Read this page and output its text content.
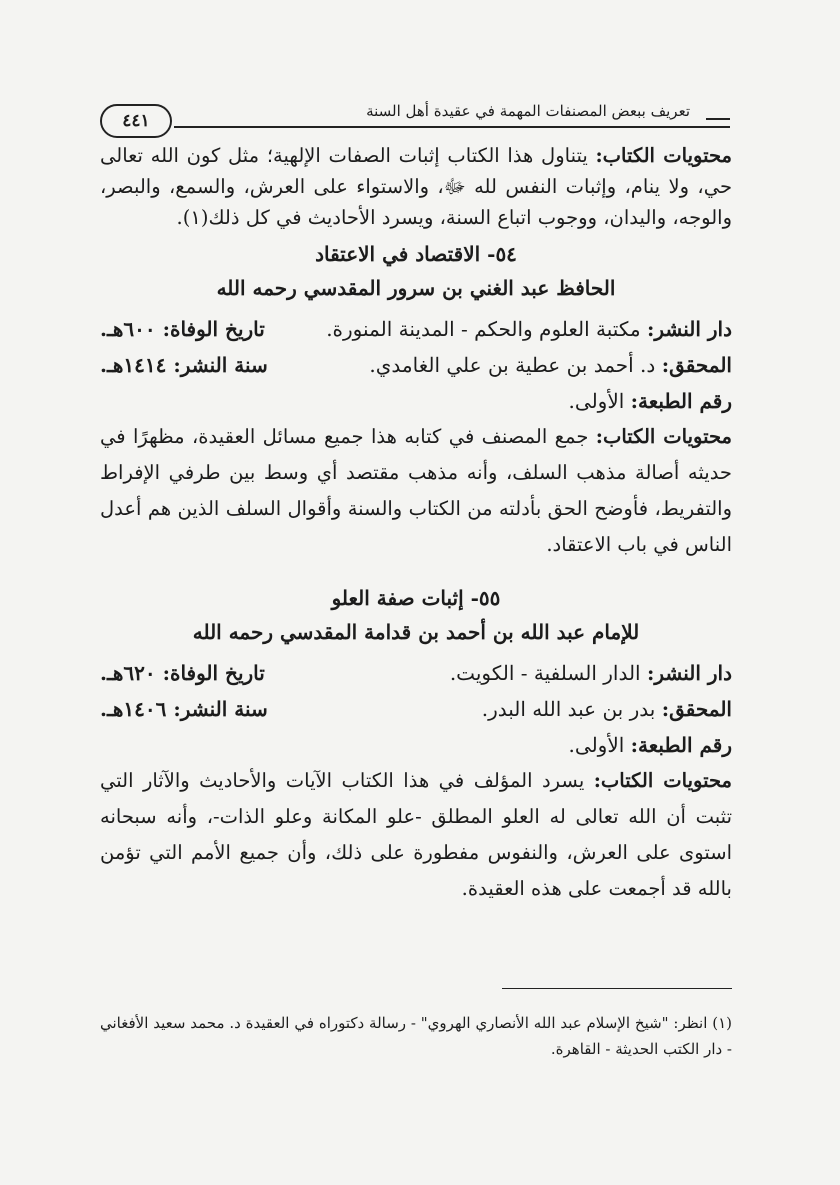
تعريف ببعض المصنفات المهمة في عقيدة أهل السنة
٤٤١

محتويات الكتاب: يتناول هذا الكتاب إثبات الصفات الإلهية؛ مثل كون الله تعالى حي، ولا ينام، وإثبات النفس لله ﷻ، والاستواء على العرش، والسمع، والبصر، والوجه، واليدان، ووجوب اتباع السنة، ويسرد الأحاديث في كل ذلك(١).

٥٤- الاقتصاد في الاعتقاد

الحافظ عبد الغني بن سرور المقدسي رحمه الله

دار النشر: مكتبة العلوم والحكم - المدينة المنورة.
تاريخ الوفاة: ٦٠٠هـ.
المحقق: د. أحمد بن عطية بن علي الغامدي.
سنة النشر: ١٤١٤هـ.
رقم الطبعة: الأولى.

محتويات الكتاب: جمع المصنف في كتابه هذا جميع مسائل العقيدة، مظهرًا في حديثه أصالة مذهب السلف، وأنه مذهب مقتصد أي وسط بين طرفي الإفراط والتفريط، فأوضح الحق بأدلته من الكتاب والسنة وأقوال السلف الذين هم أعدل الناس في باب الاعتقاد.

٥٥- إثبات صفة العلو

للإمام عبد الله بن أحمد بن قدامة المقدسي رحمه الله

دار النشر: الدار السلفية - الكويت.
تاريخ الوفاة: ٦٢٠هـ.
المحقق: بدر بن عبد الله البدر.
سنة النشر: ١٤٠٦هـ.
رقم الطبعة: الأولى.

محتويات الكتاب: يسرد المؤلف في هذا الكتاب الآيات والأحاديث والآثار التي تثبت أن الله تعالى له العلو المطلق -علو المكانة وعلو الذات-، وأنه سبحانه استوى على العرش، والنفوس مفطورة على ذلك، وأن جميع الأمم التي تؤمن بالله قد أجمعت على هذه العقيدة.

(١) انظر: "شيخ الإسلام عبد الله الأنصاري الهروي" - رسالة دكتوراه في العقيدة د. محمد سعيد الأفغاني - دار الكتب الحديثة - القاهرة.
